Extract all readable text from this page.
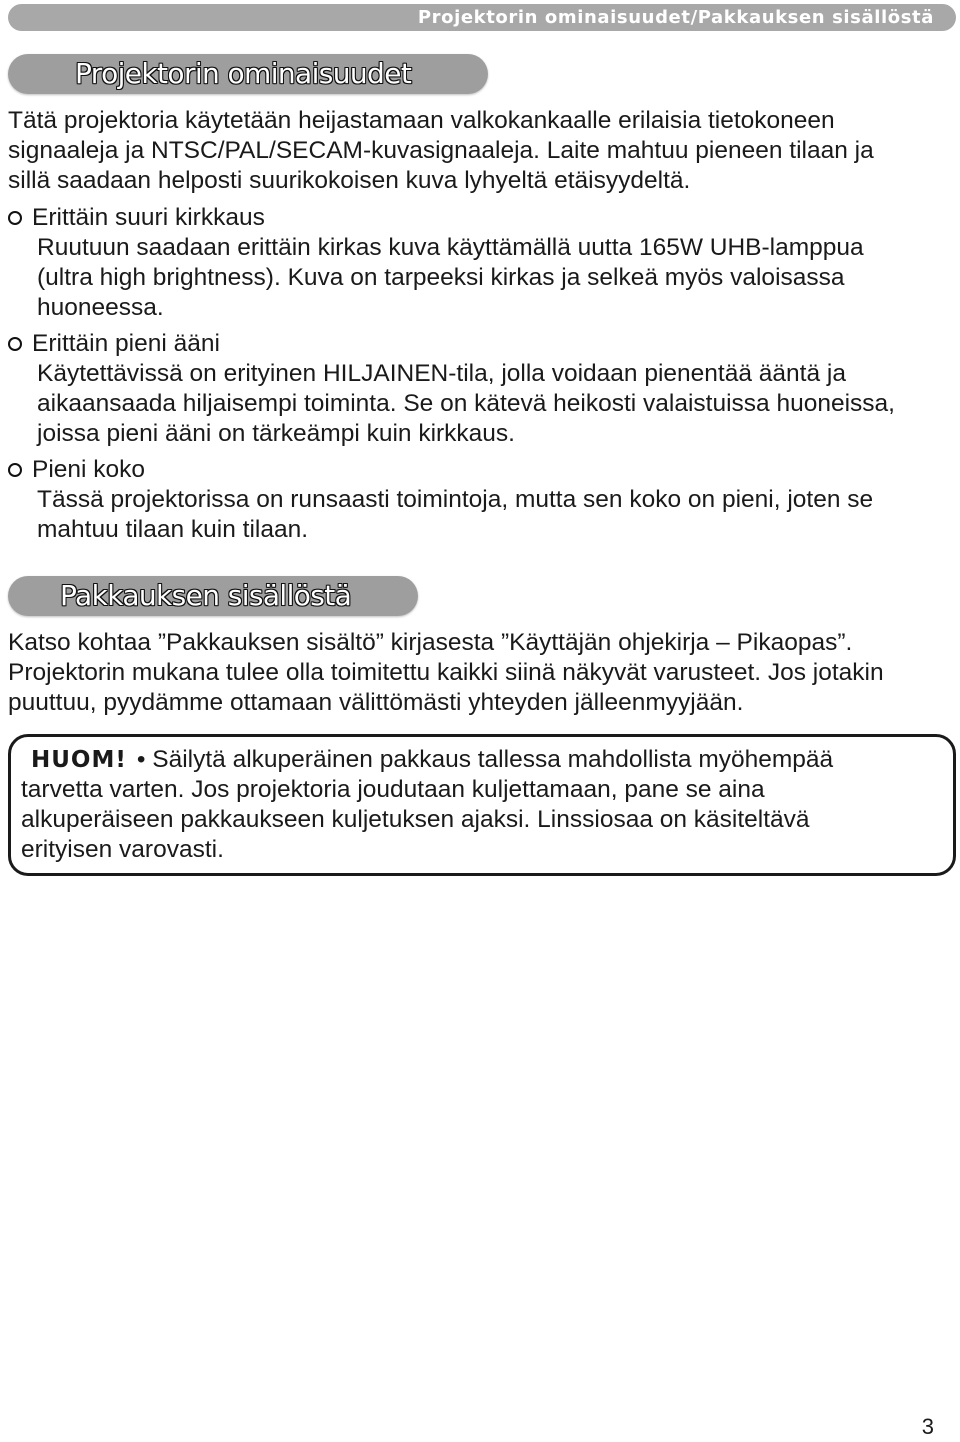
Projektorin ominaisuudet/Pakkauksen sisällöstä
Projektorin ominaisuudet
Tätä projektoria käytetään heijastamaan valkokankaalle erilaisia tietokoneen
signaaleja ja NTSC/PAL/SECAM-kuvasignaaleja. Laite mahtuu pieneen tilaan ja
sillä saadaan helposti suurikokoisen kuva lyhyeltä etäisyydeltä.
Erittäin suuri kirkkaus
Ruutuun saadaan erittäin kirkas kuva käyttämällä uutta 165W UHB-lamppua
(ultra high brightness). Kuva on tarpeeksi kirkas ja selkeä myös valoisassa
huoneessa.
Erittäin pieni ääni
Käytettävissä on erityinen HILJAINEN-tila, jolla voidaan pienentää ääntä ja
aikaansaada hiljaisempi toiminta. Se on kätevä heikosti valaistuissa huoneissa,
joissa pieni ääni on tärkeämpi kuin kirkkaus.
Pieni koko
Tässä projektorissa on runsaasti toimintoja, mutta sen koko on pieni, joten se
mahtuu tilaan kuin tilaan.
Pakkauksen sisällöstä
Katso kohtaa ”Pakkauksen sisältö” kirjasesta ”Käyttäjän ohjekirja – Pikaopas”.
Projektorin mukana tulee olla toimitettu kaikki siinä näkyvät varusteet. Jos jotakin
puuttuu, pyydämme ottamaan välittömästi yhteyden jälleenmyyjään.
HUOM! • Säilytä alkuperäinen pakkaus tallessa mahdollista myöhempää
tarvetta varten. Jos projektoria joudutaan kuljettamaan, pane se aina
alkuperäiseen pakkaukseen kuljetuksen ajaksi. Linssiosaa on käsiteltävä
erityisen varovasti.
3
